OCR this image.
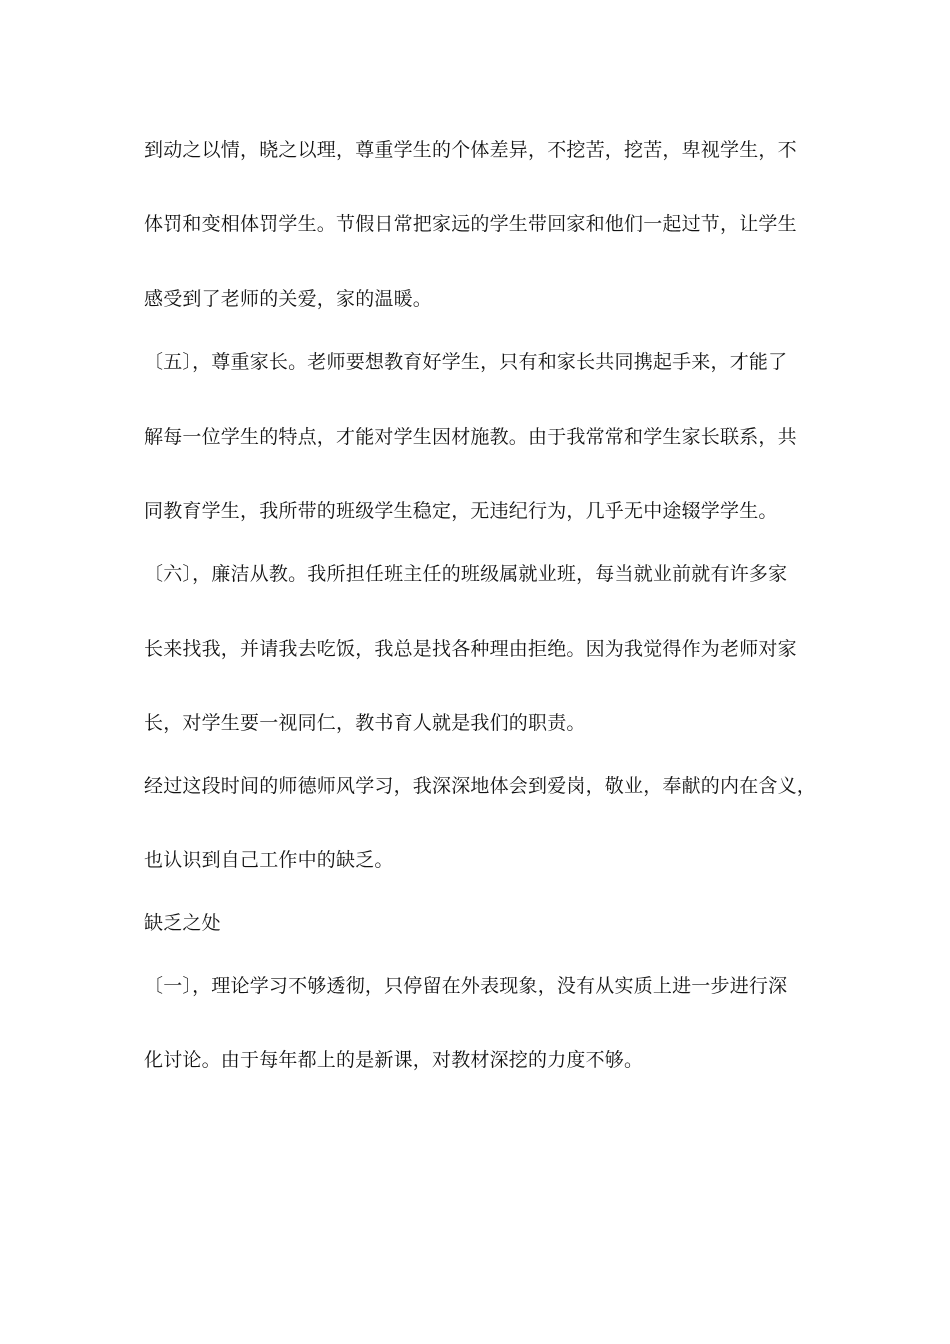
到动之以情，晓之以理，尊重学生的个体差异，不挖苦，挖苦，卑视学生，不
体罚和变相体罚学生。节假日常把家远的学生带回家和他们一起过节，让学生
感受到了老师的关爱，家的温暖。
〔五〕，尊重家长。老师要想教育好学生，只有和家长共同携起手来，才能了
解每一位学生的特点，才能对学生因材施教。由于我常常和学生家长联系，共
同教育学生，我所带的班级学生稳定，无违纪行为，几乎无中途辍学学生。
〔六〕，廉洁从教。我所担任班主任的班级属就业班，每当就业前就有许多家
长来找我，并请我去吃饭，我总是找各种理由拒绝。因为我觉得作为老师对家
长，对学生要一视同仁，教书育人就是我们的职责。
经过这段时间的师德师风学习，我深深地体会到爱岗，敬业，奉献的内在含义，
也认识到自己工作中的缺乏。
缺乏之处
〔一〕，理论学习不够透彻，只停留在外表现象，没有从实质上进一步进行深
化讨论。由于每年都上的是新课，对教材深挖的力度不够。
